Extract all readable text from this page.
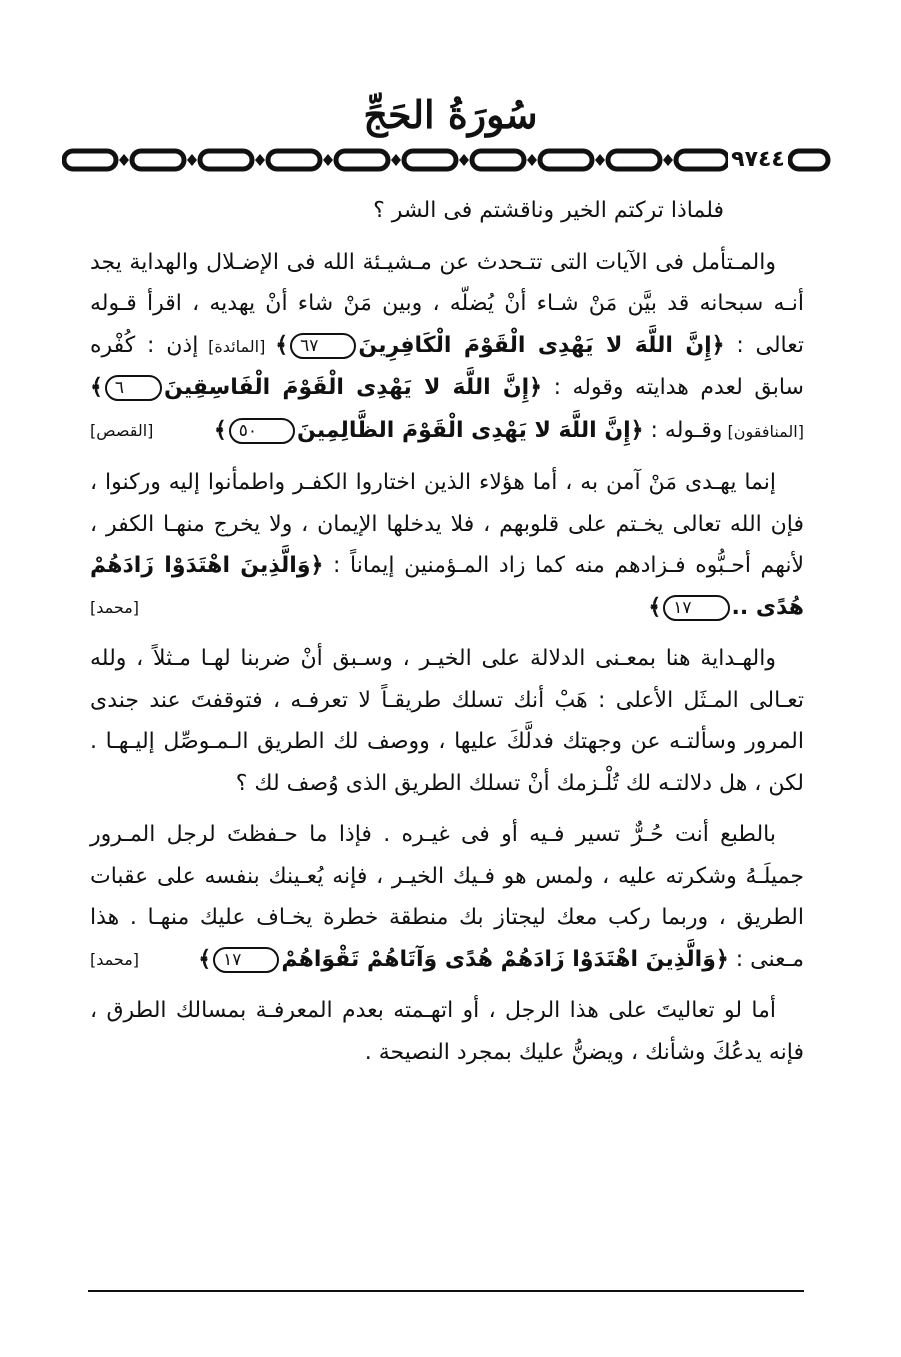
سُورَةُ الحَجِّ
٩٧٤٤

فلماذا تركتم الخير وناقشتم فى الشر ؟

والمـتأمل فى الآيات التى تتـحدث عن مـشيـئة الله فى الإضـلال والهداية يجد أنـه سبحانه قد بيَّن مَنْ شـاء أنْ يُضلّه ، وبين مَنْ شاء أنْ يهديه ، اقرأ قـوله تعالى : ﴿إِنَّ اللَّهَ لا يَهْدِى الْقَوْمَ الْكَافِرِينَ٦٧﴾ [المائدة] إذن : كُفْره سابق لعدم هدايته وقوله : ﴿إِنَّ اللَّهَ لا يَهْدِى الْقَوْمَ الْفَاسِقِينَ٦﴾ [المنافقون] وقـوله : ﴿إِنَّ اللَّهَ لا يَهْدِى الْقَوْمَ الظَّالِمِينَ٥٠﴾
[القصص]

إنما يهـدى مَنْ آمن به ، أما هؤلاء الذين اختاروا الكفـر واطمأنوا إليه وركنوا ، فإن الله تعالى يخـتم على قلوبهم ، فلا يدخلها الإيمان ، ولا يخرج منهـا الكفر ، لأنهم أحـبُّوه فـزادهم منه كما زاد المـؤمنين إيماناً : ﴿وَالَّذِينَ اهْتَدَوْا زَادَهُمْ هُدًى ..١٧﴾
[محمد]

والهـداية هنا بمعـنى الدلالة على الخيـر ، وسـبق أنْ ضربنا لهـا مـثلاً ، ولله تعـالى المـثَل الأعلى : هَبْ أنك تسلك طريقـاً لا تعرفـه ، فتوقفتَ عند جندى المرور وسألتـه عن وجهتك فدلَّكَ عليها ، ووصف لك الطريق الـمـوصِّل إليـهـا . لكن ، هل دلالتـه لك تُلْـزمك أنْ تسلك الطريق الذى وُصف لك ؟

بالطبع أنت حُـرٌّ تسير فـيه أو فى غيـره . فإذا ما حـفظتَ لرجل المـرور جميلَـهُ وشكرته عليه ، ولمس هو فـيك الخيـر ، فإنه يُعـينك بنفسه على عقبات الطريق ، وربما ركب معك ليجتاز بك منطقة خطرة يخـاف عليك منهـا . هذا مـعنى : ﴿وَالَّذِينَ اهْتَدَوْا زَادَهُمْ هُدًى وَآتَاهُمْ تَقْوَاهُمْ١٧﴾
[محمد]

أما لو تعاليتَ على هذا الرجل ، أو اتهـمته بعدم المعرفـة بمسالك الطرق ، فإنه يدعُكَ وشأنك ، ويضنُّ عليك بمجرد النصيحة .
